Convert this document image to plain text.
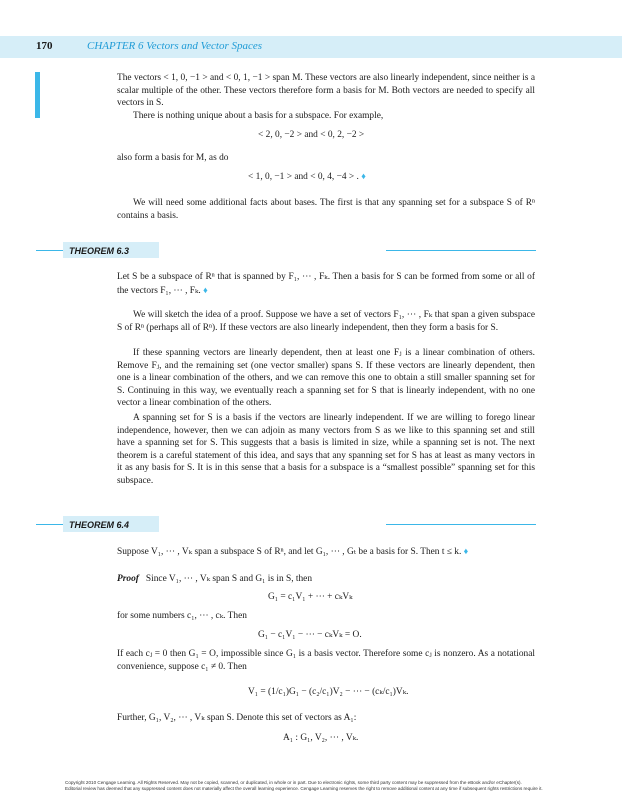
170	CHAPTER 6 Vectors and Vector Spaces

The vectors < 1, 0, −1 > and < 0, 1, −1 > span M. These vectors are also linearly independent, since neither is a scalar multiple of the other. These vectors therefore form a basis for M. Both vectors are needed to specify all vectors in S.

There is nothing unique about a basis for a subspace. For example,

< 2, 0, −2 > and < 0, 2, −2 >

also form a basis for M, as do

< 1, 0, −1 > and < 0, 4, −4 > . ♦

We will need some additional facts about bases. The first is that any spanning set for a subspace S of Rⁿ contains a basis.

THEOREM 6.3

Let S be a subspace of Rⁿ that is spanned by F₁, ⋯ , Fₖ. Then a basis for S can be formed from some or all of the vectors F₁, ⋯ , Fₖ. ♦

We will sketch the idea of a proof. Suppose we have a set of vectors F₁, ⋯ , Fₖ that span a given subspace S of Rⁿ (perhaps all of Rⁿ). If these vectors are also linearly independent, then they form a basis for S.

If these spanning vectors are linearly dependent, then at least one Fⱼ is a linear combination of others. Remove Fⱼ, and the remaining set (one vector smaller) spans S. If these vectors are linearly dependent, then one is a linear combination of the others, and we can remove this one to obtain a still smaller spanning set for S. Continuing in this way, we eventually reach a spanning set for S that is linearly independent, with no one vector a linear combination of the others.

A spanning set for S is a basis if the vectors are linearly independent. If we are willing to forego linear independence, however, then we can adjoin as many vectors from S as we like to this spanning set and still have a spanning set for S. This suggests that a basis is limited in size, while a spanning set is not. The next theorem is a careful statement of this idea, and says that any spanning set for S has at least as many vectors in it as any basis for S. It is in this sense that a basis for a subspace is a “smallest possible” spanning set for this subspace.

THEOREM 6.4

Suppose V₁, ⋯ , Vₖ span a subspace S of Rⁿ, and let G₁, ⋯ , Gₜ be a basis for S. Then t ≤ k. ♦

Proof Since V₁, ⋯ , Vₖ span S and G₁ is in S, then

G₁ = c₁V₁ + ⋯ + cₖVₖ

for some numbers c₁, ⋯ , cₖ. Then

G₁ − c₁V₁ − ⋯ − cₖVₖ = O.

If each cⱼ = 0 then G₁ = O, impossible since G₁ is a basis vector. Therefore some cⱼ is nonzero. As a notational convenience, suppose c₁ ≠ 0. Then

V₁ = (1/c₁)G₁ − (c₂/c₁)V₂ − ⋯ − (cₖ/c₁)Vₖ.

Further, G₁, V₂, ⋯ , Vₖ span S. Denote this set of vectors as A₁:

A₁ : G₁, V₂, ⋯ , Vₖ.
Copyright 2010 Cengage Learning. All Rights Reserved. May not be copied, scanned, or duplicated, in whole or in part. Due to electronic rights, some third party content may be suppressed from the eBook and/or eChapter(s).
Editorial review has deemed that any suppressed content does not materially affect the overall learning experience. Cengage Learning reserves the right to remove additional content at any time if subsequent rights restrictions require it.
